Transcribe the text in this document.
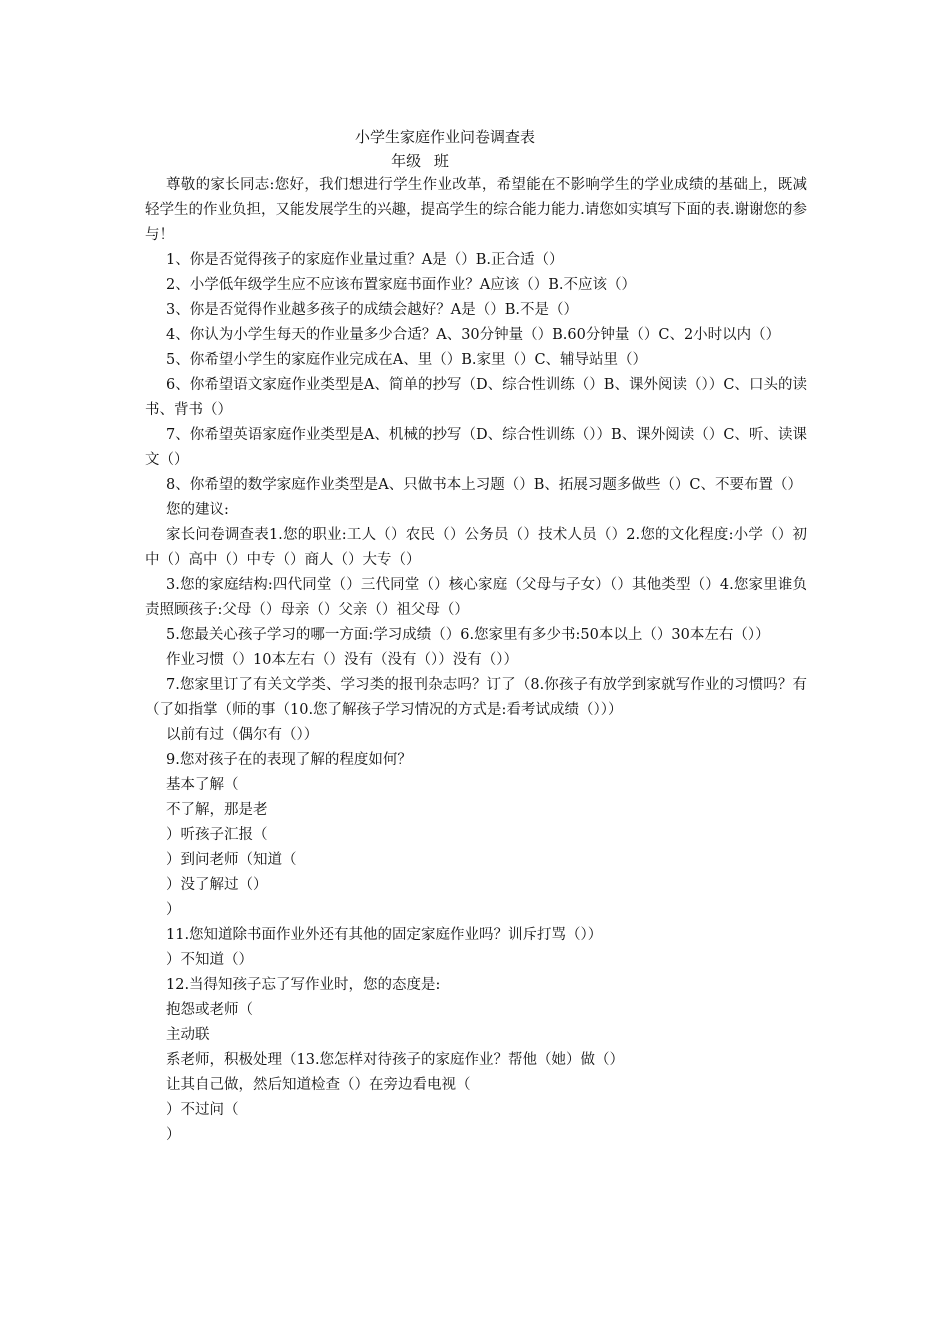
小学生家庭作业问卷调查表
年级 班

尊敬的家长同志:您好，我们想进行学生作业改革，希望能在不影响学生的学业成绩的基础上，既减轻学生的作业负担，又能发展学生的兴趣，提高学生的综合能力能力.请您如实填写下面的表.谢谢您的参与！

1、你是否觉得孩子的家庭作业量过重？A是（）B.正合适（）

2、小学低年级学生应不应该布置家庭书面作业？A应该（）B.不应该（）

3、你是否觉得作业越多孩子的成绩会越好？A是（）B.不是（）

4、你认为小学生每天的作业量多少合适？A、30分钟量（）B.60分钟量（）C、2小时以内（）

5、你希望小学生的家庭作业完成在A、里（）B.家里（）C、辅导站里（）

6、你希望语文家庭作业类型是A、简单的抄写（D、综合性训练（）B、课外阅读（））C、口头的读书、背书（）

7、你希望英语家庭作业类型是A、机械的抄写（D、综合性训练（））B、课外阅读（）C、听、读课文（）

8、你希望的数学家庭作业类型是A、只做书本上习题（）B、拓展习题多做些（）C、不要布置（）

您的建议:

家长问卷调查表1.您的职业:工人（）农民（）公务员（）技术人员（）2.您的文化程度:小学（）初中（）高中（）中专（）商人（）大专（）

3.您的家庭结构:四代同堂（）三代同堂（）核心家庭（父母与子女）（）其他类型（）4.您家里谁负责照顾孩子:父母（）母亲（）父亲（）祖父母（）

5.您最关心孩子学习的哪一方面:学习成绩（）6.您家里有多少书:50本以上（）30本左右（））

作业习惯（）10本左右（）没有（没有（））没有（））

7.您家里订了有关文学类、学习类的报刊杂志吗？订了（8.你孩子有放学到家就写作业的习惯吗？有（了如指掌（师的事（10.您了解孩子学习情况的方式是:看考试成绩（）））

以前有过（偶尔有（））

9.您对孩子在的表现了解的程度如何？

基本了解（

不了解，那是老

）听孩子汇报（

）到问老师（知道（

）没了解过（）

）

11.您知道除书面作业外还有其他的固定家庭作业吗？训斥打骂（））

）不知道（）

12.当得知孩子忘了写作业时，您的态度是:

抱怨或老师（

主动联

系老师，积极处理（13.您怎样对待孩子的家庭作业？帮他（她）做（）

让其自己做，然后知道检查（）在旁边看电视（

）不过问（

）
